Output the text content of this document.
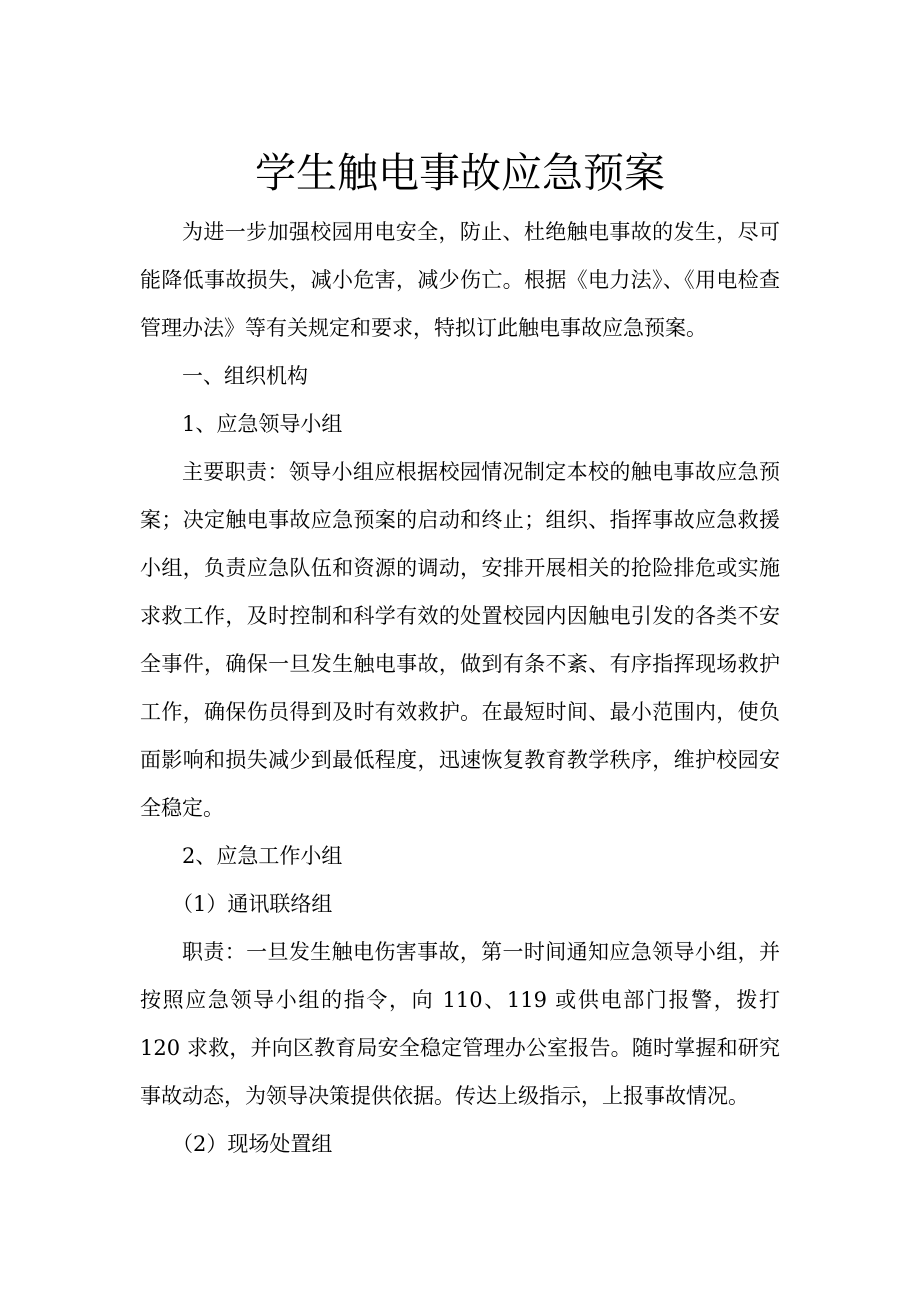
学生触电事故应急预案

为进一步加强校园用电安全，防止、杜绝触电事故的发生，尽可能降低事故损失，减小危害，减少伤亡。根据《电力法》、《用电检查管理办法》等有关规定和要求，特拟订此触电事故应急预案。

一、组织机构

1、应急领导小组

主要职责：领导小组应根据校园情况制定本校的触电事故应急预案；决定触电事故应急预案的启动和终止；组织、指挥事故应急救援小组，负责应急队伍和资源的调动，安排开展相关的抢险排危或实施求救工作，及时控制和科学有效的处置校园内因触电引发的各类不安全事件，确保一旦发生触电事故，做到有条不紊、有序指挥现场救护工作，确保伤员得到及时有效救护。在最短时间、最小范围内，使负面影响和损失减少到最低程度，迅速恢复教育教学秩序，维护校园安全稳定。

2、应急工作小组

（1）通讯联络组

职责：一旦发生触电伤害事故，第一时间通知应急领导小组，并按照应急领导小组的指令，向 110、119 或供电部门报警，拨打 120 求救，并向区教育局安全稳定管理办公室报告。随时掌握和研究事故动态，为领导决策提供依据。传达上级指示，上报事故情况。

（2）现场处置组
